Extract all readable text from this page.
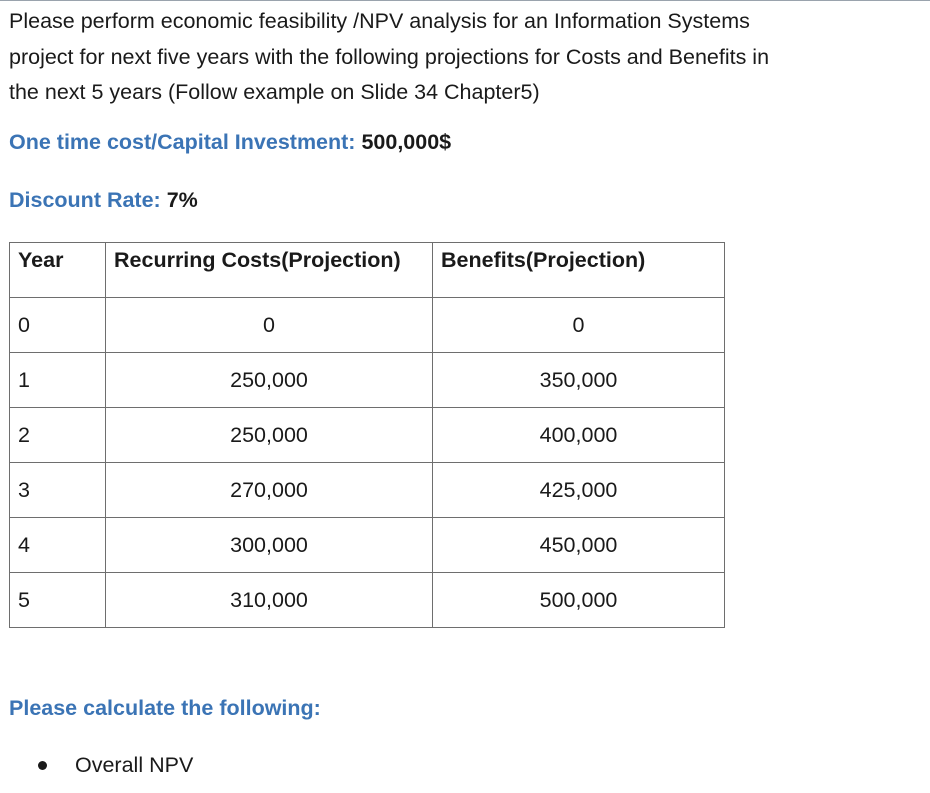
Please perform economic feasibility /NPV analysis for an Information Systems
project for next five years with the following projections for Costs and Benefits in
the next 5 years (Follow example on Slide 34 Chapter5)

One time cost/Capital Investment: 500,000$

Discount Rate: 7%

Year	Recurring Costs(Projection)	Benefits(Projection)
0	0	0
1	250,000	350,000
2	250,000	400,000
3	270,000	425,000
4	300,000	450,000
5	310,000	500,000

Please calculate the following:

Overall NPV
